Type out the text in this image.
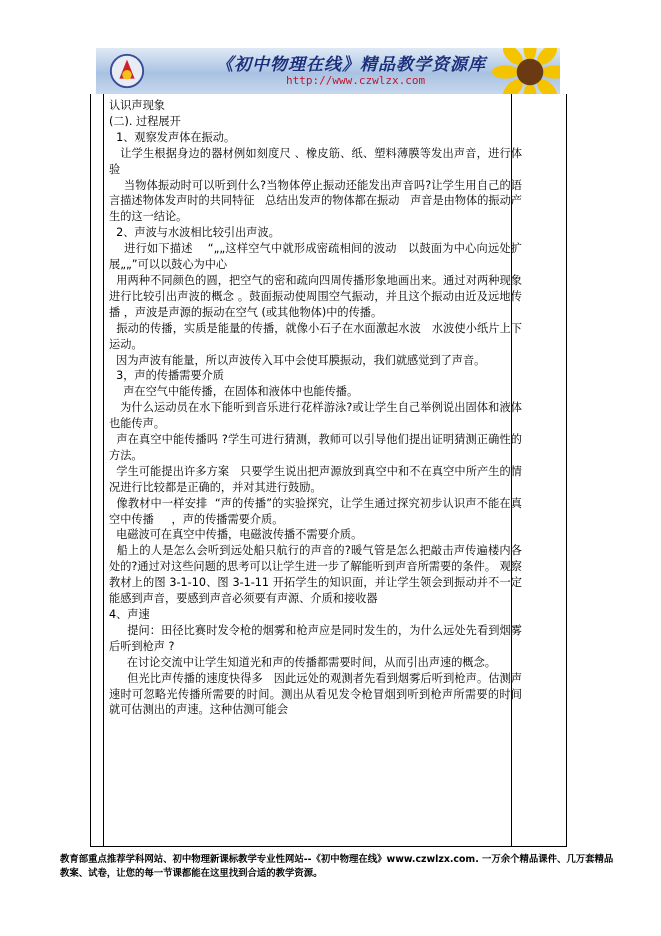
《初中物理在线》精品教学资源库
http://www.czwlzx.com

认识声现象

(二). 过程展开

1、观察发声体在振动。

让学生根据身边的器材例如刻度尺 、橡皮筋、纸、塑料薄膜等发出声音，进行体验

当物体振动时可以听到什么?当物体停止振动还能发出声音吗?让学生用自己的语言描述物体发声时的共同特征   总结出发声的物体都在振动   声音是由物体的振动产生的这一结论。

2、声波与水波相比较引出声波。

进行如下描述    “„„这样空气中就形成密疏相间的波动   以鼓面为中心向远处扩展„„”可以以鼓心为中心

用两种不同颜色的圆，把空气的密和疏向四周传播形象地画出来。通过对两种现象进行比较引出声波的概念 。鼓面振动使周围空气振动，并且这个振动由近及远地传播 ，声波是声源的振动在空气 (或其他物体)中的传播。

振动的传播，实质是能量的传播，就像小石子在水面激起水波   水波使小纸片上下运动。

因为声波有能量，所以声波传入耳中会使耳膜振动，我们就感觉到了声音。

3，声的传播需要介质

声在空气中能传播，在固体和液体中也能传播。

为什么运动员在水下能听到音乐进行花样游泳?或让学生自己举例说出固体和液体也能传声。

声在真空中能传播吗 ?学生可进行猜测，教师可以引导他们提出证明猜测正确性的方法。

学生可能提出许多方案   只要学生说出把声源放到真空中和不在真空中所产生的情况进行比较都是正确的，并对其进行鼓励。

像教材中一样安排  “声的传播”的实验探究，让学生通过探究初步认识声不能在真空中传播     ，声的传播需要介质。

电磁波可在真空中传播，电磁波传播不需要介质。

船上的人是怎么会听到远处船只航行的声音的?暖气管是怎么把敲击声传遍楼内各处的?通过对这些问题的思考可以让学生进一步了解能听到声音所需要的条件。 观察教材上的图 3-1-10、图 3-1-11 开拓学生的知识面，并让学生领会到振动并不一定能感到声音，要感到声音必须要有声源、介质和接收器

4、声速

提问：田径比赛时发令枪的烟雾和枪声应是同时发生的，为什么远处先看到烟雾后听到枪声 ?

在讨论交流中让学生知道光和声的传播都需要时间，从而引出声速的概念。

但光比声传播的速度快得多   因此远处的观测者先看到烟雾后听到枪声。估测声速时可忽略光传播所需要的时间。测出从看见发令枪冒烟到听到枪声所需要的时间   就可估测出的声速。这种估测可能会

教育部重点推荐学科网站、初中物理新课标教学专业性网站--《初中物理在线》www.czwlzx.com. 一万余个精品课件、几万套精品教案、试卷，让您的每一节课都能在这里找到合适的教学资源。
